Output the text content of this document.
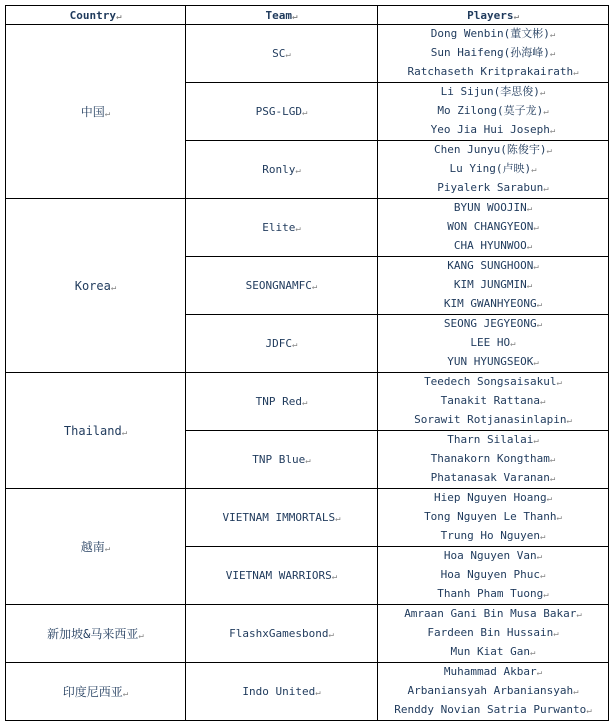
Country↵	Team↵	Players↵
中国↵	SC↵	Dong Wenbin(董文彬)↵
Sun Haifeng(孙海峰)↵
Ratchaseth Kritprakairath↵

	PSG-LGD↵	Li Sijun(李思俊)↵
Mo Zilong(莫子龙)↵
Yeo Jia Hui Joseph↵

	Ronly↵	Chen Junyu(陈俊宇)↵
Lu Ying(卢映)↵
Piyalerk Sarabun↵

Korea↵	Elite↵	BYUN WOOJIN↵
WON CHANGYEON↵
CHA HYUNWOO↵

	SEONGNAMFC↵	KANG SUNGHOON↵
KIM JUNGMIN↵
KIM GWANHYEONG↵

	JDFC↵	SEONG JEGYEONG↵
LEE HO↵
YUN HYUNGSEOK↵

Thailand↵	TNP Red↵	Teedech Songsaisakul↵
Tanakit Rattana↵
Sorawit Rotjanasinlapin↵

	TNP Blue↵	Tharn Silalai↵
Thanakorn Kongtham↵
Phatanasak Varanan↵

越南↵	VIETNAM IMMORTALS↵	Hiep Nguyen Hoang↵
Tong Nguyen Le Thanh↵
Trung Ho Nguyen↵

	VIETNAM WARRIORS↵	Hoa Nguyen Van↵
Hoa Nguyen Phuc↵
Thanh Pham Tuong↵

新加坡&马来西亚↵	FlashxGamesbond↵	Amraan Gani Bin Musa Bakar↵
Fardeen Bin Hussain↵
Mun Kiat Gan↵

印度尼西亚↵	Indo United↵	Muhammad Akbar↵
Arbaniansyah Arbaniansyah↵
Renddy Novian Satria Purwanto↵
